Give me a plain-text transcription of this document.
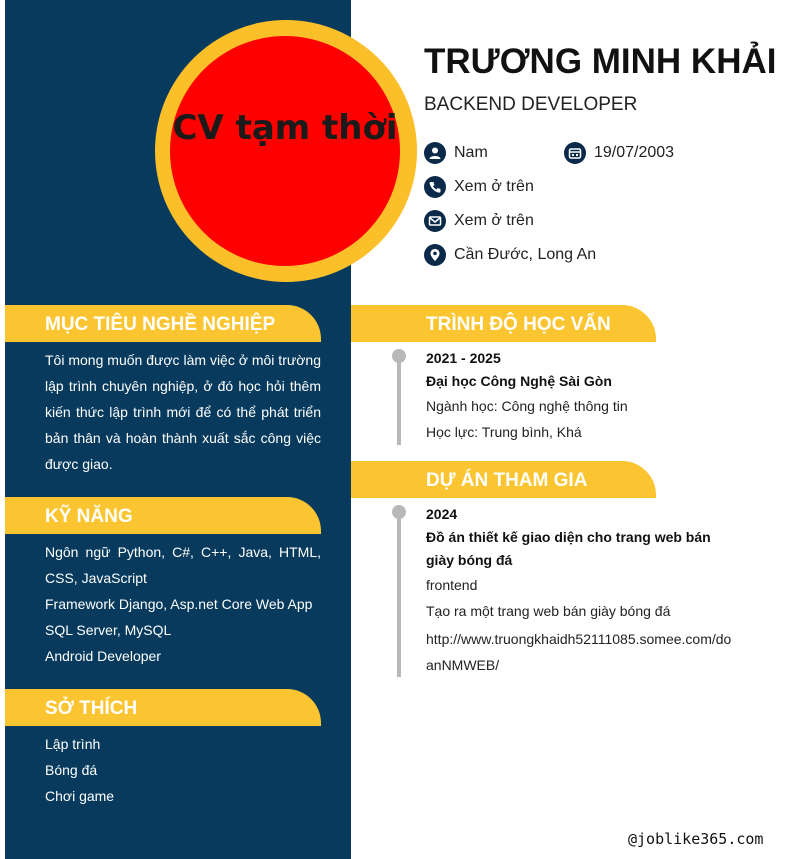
CV tạm thời
TRƯƠNG MINH KHẢI
BACKEND DEVELOPER
Nam	19/07/2003
Xem ở trên
Xem ở trên
Cần Đước, Long An
MỤC TIÊU NGHỀ NGHIỆP
Tôi mong muốn được làm việc ở môi trường lập trình chuyên nghiệp, ở đó học hỏi thêm kiến thức lập trình mới để có thể phát triển bản thân và hoàn thành xuất sắc công việc được giao.
KỸ NĂNG
Ngôn ngữ Python, C#, C++, Java, HTML, CSS, JavaScript
Framework Django, Asp.net Core Web App
SQL Server, MySQL
Android Developer
SỞ THÍCH
Lập trình
Bóng đá
Chơi game
TRÌNH ĐỘ HỌC VẤN
2021 - 2025
Đại học Công Nghệ Sài Gòn
Ngành học: Công nghệ thông tin
Học lực: Trung bình, Khá
DỰ ÁN THAM GIA
2024
Đồ án thiết kế giao diện cho trang web bán giày bóng đá
frontend
Tạo ra một trang web bán giày bóng đá
http://www.truongkhaidh52111085.somee.com/doanNMWEB/
@joblike365.com
